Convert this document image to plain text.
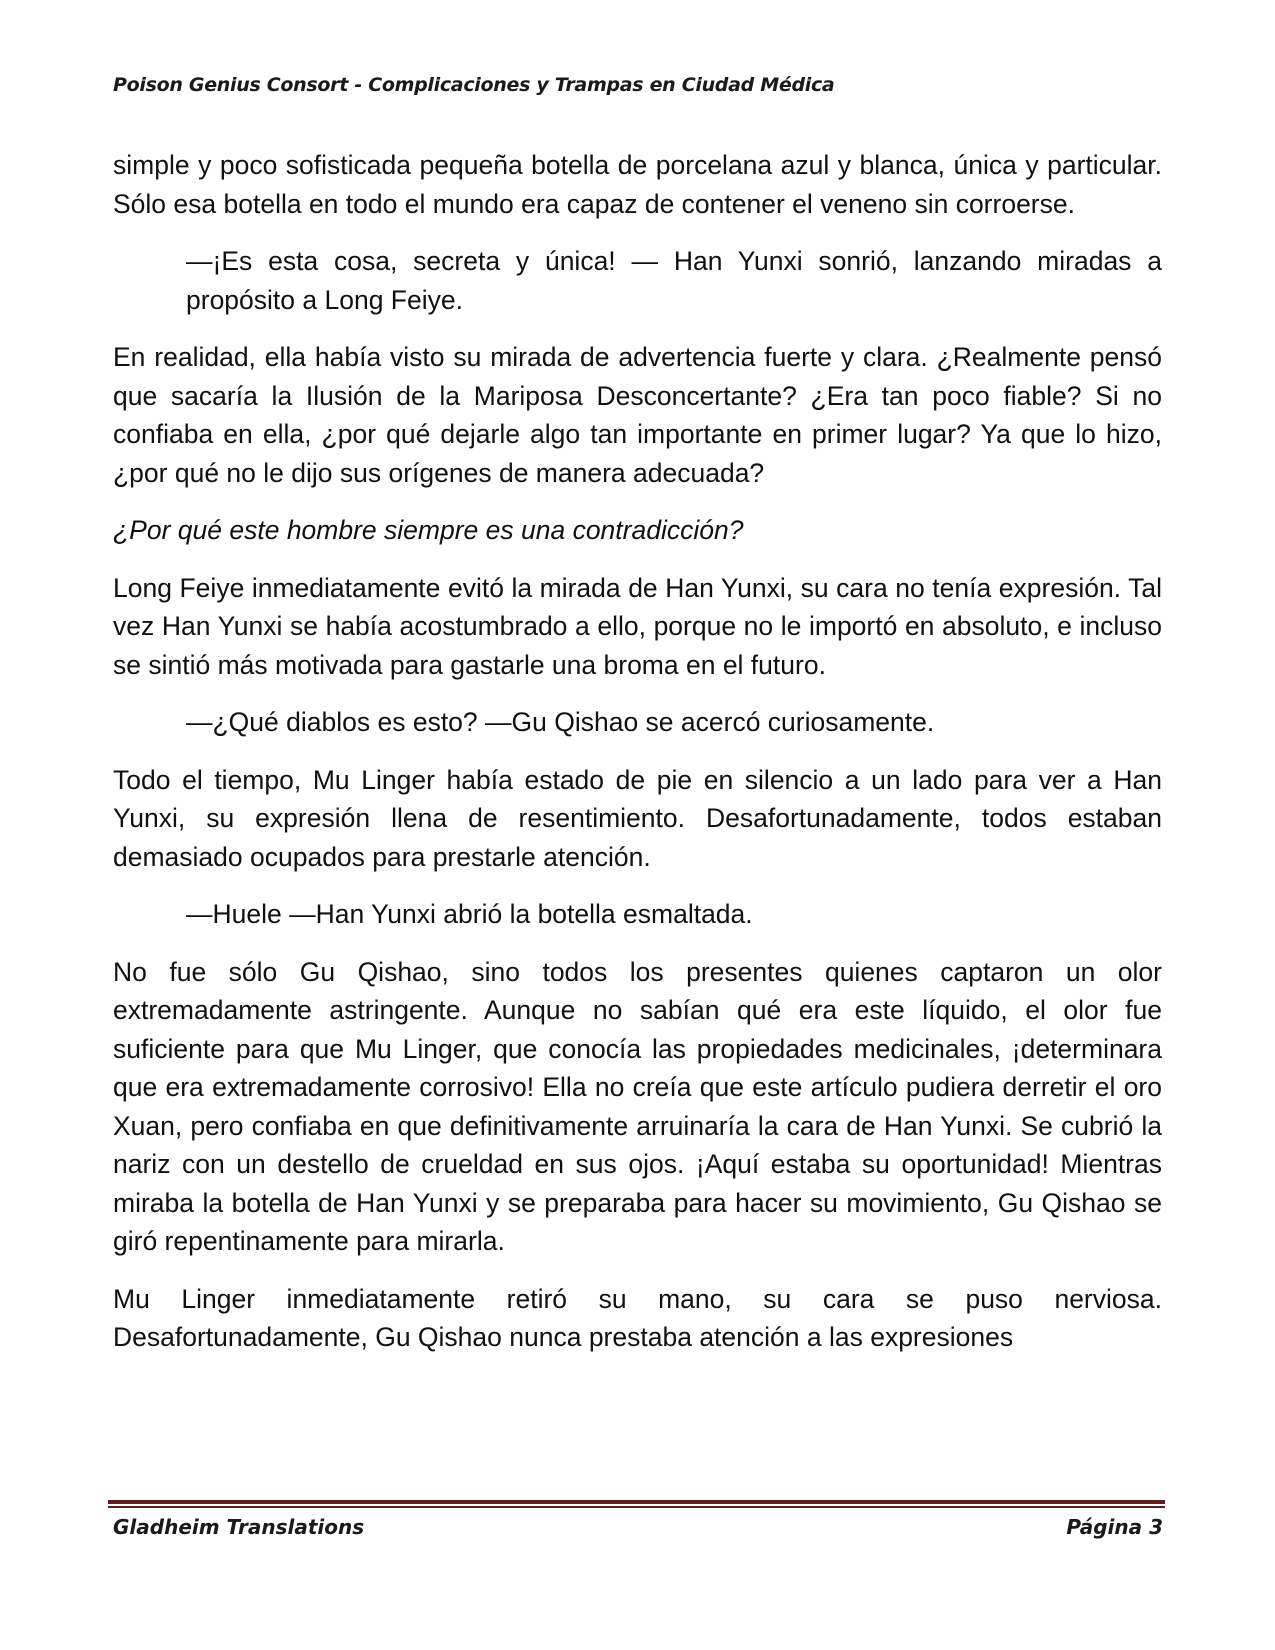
Poison Genius Consort - Complicaciones y Trampas en Ciudad Médica

simple y poco sofisticada pequeña botella de porcelana azul y blanca, única y particular. Sólo esa botella en todo el mundo era capaz de contener el veneno sin corroerse.

—¡Es esta cosa, secreta y única! — Han Yunxi sonrió, lanzando miradas a propósito a Long Feiye.

En realidad, ella había visto su mirada de advertencia fuerte y clara. ¿Realmente pensó que sacaría la Ilusión de la Mariposa Desconcertante? ¿Era tan poco fiable? Si no confiaba en ella, ¿por qué dejarle algo tan importante en primer lugar? Ya que lo hizo, ¿por qué no le dijo sus orígenes de manera adecuada?

¿Por qué este hombre siempre es una contradicción?

Long Feiye inmediatamente evitó la mirada de Han Yunxi, su cara no tenía expresión. Tal vez Han Yunxi se había acostumbrado a ello, porque no le importó en absoluto, e incluso se sintió más motivada para gastarle una broma en el futuro.

—¿Qué diablos es esto? —Gu Qishao se acercó curiosamente.

Todo el tiempo, Mu Linger había estado de pie en silencio a un lado para ver a Han Yunxi, su expresión llena de resentimiento. Desafortunadamente, todos estaban demasiado ocupados para prestarle atención.

—Huele —Han Yunxi abrió la botella esmaltada.

No fue sólo Gu Qishao, sino todos los presentes quienes captaron un olor extremadamente astringente. Aunque no sabían qué era este líquido, el olor fue suficiente para que Mu Linger, que conocía las propiedades medicinales, ¡determinara que era extremadamente corrosivo! Ella no creía que este artículo pudiera derretir el oro Xuan, pero confiaba en que definitivamente arruinaría la cara de Han Yunxi. Se cubrió la nariz con un destello de crueldad en sus ojos. ¡Aquí estaba su oportunidad! Mientras miraba la botella de Han Yunxi y se preparaba para hacer su movimiento, Gu Qishao se giró repentinamente para mirarla.

Mu Linger inmediatamente retiró su mano, su cara se puso nerviosa. Desafortunadamente, Gu Qishao nunca prestaba atención a las expresiones

Gladheim Translations	Página 3
